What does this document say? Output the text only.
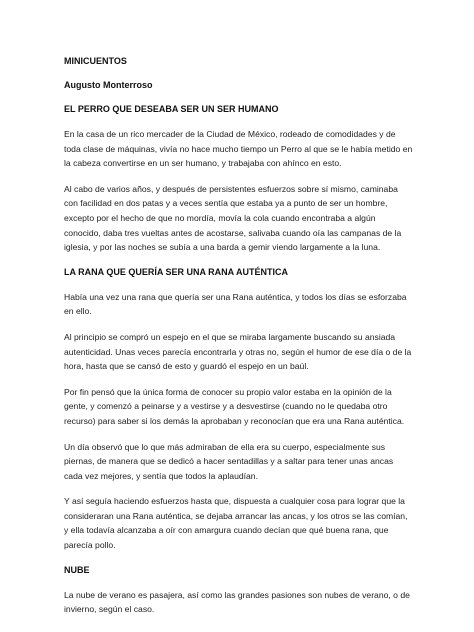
MINICUENTOS
Augusto Monterroso
EL PERRO QUE DESEABA SER UN SER HUMANO

En la casa de un rico mercader de la Ciudad de México, rodeado de comodidades y de toda clase de máquinas, vivía no hace mucho tiempo un Perro al que se le había metido en la cabeza convertirse en un ser humano, y trabajaba con ahínco en esto.

Al cabo de varios años, y después de persistentes esfuerzos sobre sí mismo, caminaba con facilidad en dos patas y a veces sentía que estaba ya a punto de ser un hombre, excepto por el hecho de que no mordía, movía la cola cuando encontraba a algún conocido, daba tres vueltas antes de acostarse, salivaba cuando oía las campanas de la iglesia, y por las noches se subía a una barda a gemir viendo largamente a la luna.

LA RANA QUE QUERÍA SER UNA RANA AUTÉNTICA

Había una vez una rana que quería ser una Rana auténtica, y todos los días se esforzaba en ello.

Al principio se compró un espejo en el que se miraba largamente buscando su ansiada autenticidad. Unas veces parecía encontrarla y otras no, según el humor de ese día o de la hora, hasta que se cansó de esto y guardó el espejo en un baúl.

Por fin pensó que la única forma de conocer su propio valor estaba en la opinión de la gente, y comenzó a peinarse y a vestirse y a desvestirse (cuando no le quedaba otro recurso) para saber si los demás la aprobaban y reconocían que era una Rana auténtica.

Un día observó que lo que más admiraban de ella era su cuerpo, especialmente sus piernas, de manera que se dedicó a hacer sentadillas y a saltar para tener unas ancas cada vez mejores, y sentía que todos la aplaudían.

Y así seguía haciendo esfuerzos hasta que, dispuesta a cualquier cosa para lograr que la consideraran una Rana auténtica, se dejaba arrancar las ancas, y los otros se las comían, y ella todavía alcanzaba a oír con amargura cuando decían que qué buena rana, que parecía pollo.

NUBE

La nube de verano es pasajera, así como las grandes pasiones son nubes de verano, o de invierno, según el caso.
